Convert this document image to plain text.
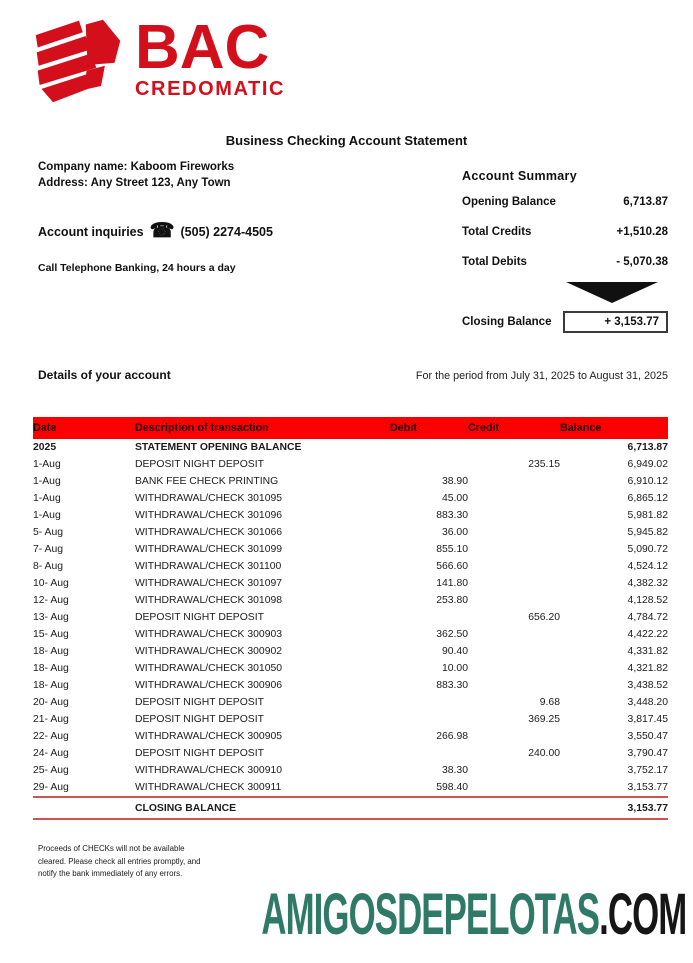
BAC
CREDOMATIC
Business Checking Account Statement
Company name: Kaboom Fireworks
Address: Any Street 123, Any Town
Account inquiries ☎ (505) 2274-4505
Call Telephone Banking, 24 hours a day
Account Summary
Opening Balance	6,713.87
Total Credits	+1,510.28
Total Debits	- 5,070.38
Closing Balance	+ 3,153.77
Details of your account	For the period from July 31, 2025 to August 31, 2025
Date	Description of transaction	Debit	Credit	Balance
2025	STATEMENT OPENING BALANCE			6,713.87
1-Aug	DEPOSIT NIGHT DEPOSIT		235.15	6,949.02
1-Aug	BANK FEE CHECK PRINTING	38.90		6,910.12
1-Aug	WITHDRAWAL/CHECK 301095	45.00		6,865.12
1-Aug	WITHDRAWAL/CHECK 301096	883.30		5,981.82
5- Aug	WITHDRAWAL/CHECK 301066	36.00		5,945.82
7- Aug	WITHDRAWAL/CHECK 301099	855.10		5,090.72
8- Aug	WITHDRAWAL/CHECK 301100	566.60		4,524.12
10- Aug	WITHDRAWAL/CHECK 301097	141.80		4,382.32
12- Aug	WITHDRAWAL/CHECK 301098	253.80		4,128.52
13- Aug	DEPOSIT NIGHT DEPOSIT		656.20	4,784.72
15- Aug	WITHDRAWAL/CHECK 300903	362.50		4,422.22
18- Aug	WITHDRAWAL/CHECK 300902	90.40		4,331.82
18- Aug	WITHDRAWAL/CHECK 301050	10.00		4,321.82
18- Aug	WITHDRAWAL/CHECK 300906	883.30		3,438.52
20- Aug	DEPOSIT NIGHT DEPOSIT		9.68	3,448.20
21- Aug	DEPOSIT NIGHT DEPOSIT		369.25	3,817.45
22- Aug	WITHDRAWAL/CHECK 300905	266.98		3,550.47
24- Aug	DEPOSIT NIGHT DEPOSIT		240.00	3,790.47
25- Aug	WITHDRAWAL/CHECK 300910	38.30		3,752.17
29- Aug	WITHDRAWAL/CHECK 300911	598.40		3,153.77
	CLOSING BALANCE			3,153.77
Proceeds of CHECKs will not be available
cleared. Please check all entries promptly, and
notify the bank immediately of any errors.
AMIGOSDEPELOTAS.COM
